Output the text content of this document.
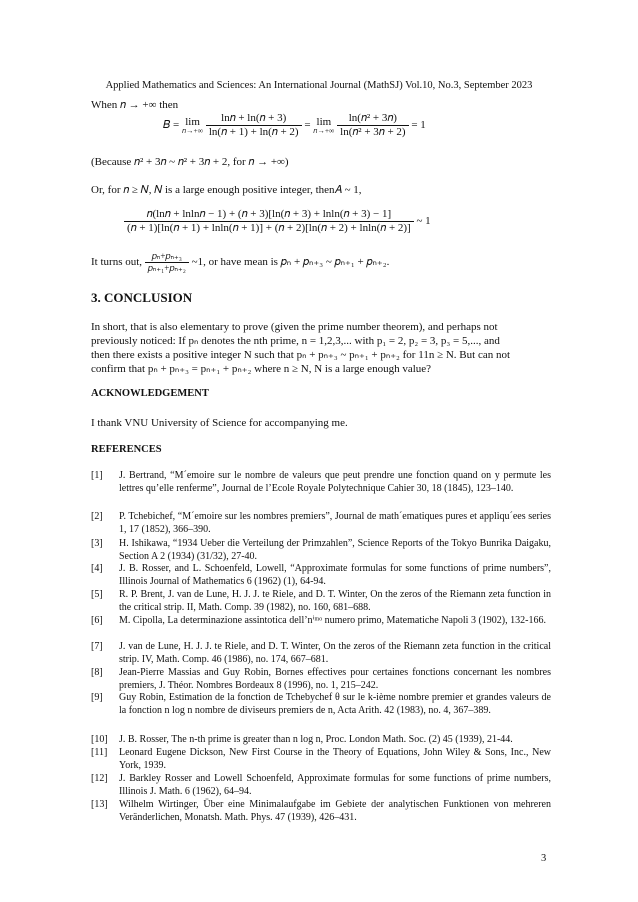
Applied Mathematics and Sciences: An International Journal (MathSJ) Vol.10, No.3, September 2023
When 𝑛 → +∞ then
𝐵 = lim
𝑛→+∞
$\frac{\text{ln𝑛 + ln(𝑛 + 3)}}{\text{ln(𝑛 + 1) + ln(𝑛 + 2)}} = \lim$
𝑛→+∞
$\frac{\text{ln(𝑛² + 3𝑛)}}{\text{ln(𝑛² + 3𝑛 + 2)}} = 1$
(Because 𝑛² + 3𝑛 ~ 𝑛² + 3𝑛 + 2, for 𝑛 → +∞)
Or, for 𝑛 ≥ 𝑁, 𝑁 is a large enough positive integer, then𝐴 ~ 1,
𝑛(ln𝑛 + lnln𝑛 − 1) + (𝑛 + 3)[ln(𝑛 + 3) + lnln(𝑛 + 3) − 1]
(𝑛 + 1)[ln(𝑛 + 1) + lnln(𝑛 + 1)] + (𝑛 + 2)[ln(𝑛 + 2) + lnln(𝑛 + 2)]
~ 1
It turns out, $\frac{\text{𝑝ₙ+𝑝ₙ₊₃}}{\text{𝑝ₙ₊₁+𝑝ₙ₊₂}}$ ~1, or have mean is 𝑝ₙ + 𝑝ₙ₊₃ ~ 𝑝ₙ₊₁ + 𝑝ₙ₊₂.
3. CONCLUSION
In short, that is also elementary to prove (given the prime number theorem), and perhaps not
previously noticed: If pₙ denotes the nth prime, n = 1,2,3,... with p₁ = 2, p₂ = 3, p₃ = 5,..., and
then there exists a positive integer N such that pₙ + pₙ₊₃ ~ pₙ₊₁ + pₙ₊₂ for 11n ≥ N. But can not
confirm that pₙ + pₙ₊₃ = pₙ₊₁ + pₙ₊₂ where n ≥ N, N is a large enough value?
ACKNOWLEDGEMENT
I thank VNU University of Science for accompanying me.
REFERENCES
[1] J. Bertrand, “M´emoire sur le nombre de valeurs que peut prendre une fonction quand on y permute les lettres qu’elle renferme”, Journal de l’Ecole Royale Polytechnique Cahier 30, 18 (1845), 123–140.
[2] P. Tchebichef, “M´emoire sur les nombres premiers”, Journal de math´ematiques pures et appliqu´ees series 1, 17 (1852), 366–390.
[3] H. Ishikawa, “1934 Ueber die Verteilung der Primzahlen”, Science Reports of the Tokyo Bunrika Daigaku, Section A 2 (1934) (31/32), 27-40.
[4] J. B. Rosser, and L. Schoenfeld, Lowell, “Approximate formulas for some functions of prime numbers”, Illinois Journal of Mathematics 6 (1962) (1), 64-94.
[5] R. P. Brent, J. van de Lune, H. J. J. te Riele, and D. T. Winter, On the zeros of the Riemann zeta function in the critical strip. II, Math. Comp. 39 (1982), no. 160, 681–688.
[6] M. Cipolla, La determinazione assintotica dell’nⁱᵐᵒ numero primo, Matematiche Napoli 3 (1902), 132-166.
[7] J. van de Lune, H. J. J. te Riele, and D. T. Winter, On the zeros of the Riemann zeta function in the critical strip. IV, Math. Comp. 46 (1986), no. 174, 667–681.
[8] Jean-Pierre Massias and Guy Robin, Bornes effectives pour certaines fonctions concernant les nombres premiers, J. Théor. Nombres Bordeaux 8 (1996), no. 1, 215–242.
[9] Guy Robin, Estimation de la fonction de Tchebychef θ sur le k-ième nombre premier et grandes valeurs de la fonction n log n nombre de diviseurs premiers de n, Acta Arith. 42 (1983), no. 4, 367–389.
[10] J. B. Rosser, The n-th prime is greater than n log n, Proc. London Math. Soc. (2) 45 (1939), 21-44.
[11] Leonard Eugene Dickson, New First Course in the Theory of Equations, John Wiley & Sons, Inc., New York, 1939.
[12] J. Barkley Rosser and Lowell Schoenfeld, Approximate formulas for some functions of prime numbers, Illinois J. Math. 6 (1962), 64–94.
[13] Wilhelm Wirtinger, Über eine Minimalaufgabe im Gebiete der analytischen Funktionen von mehreren Veränderlichen, Monatsh. Math. Phys. 47 (1939), 426–431.
3
